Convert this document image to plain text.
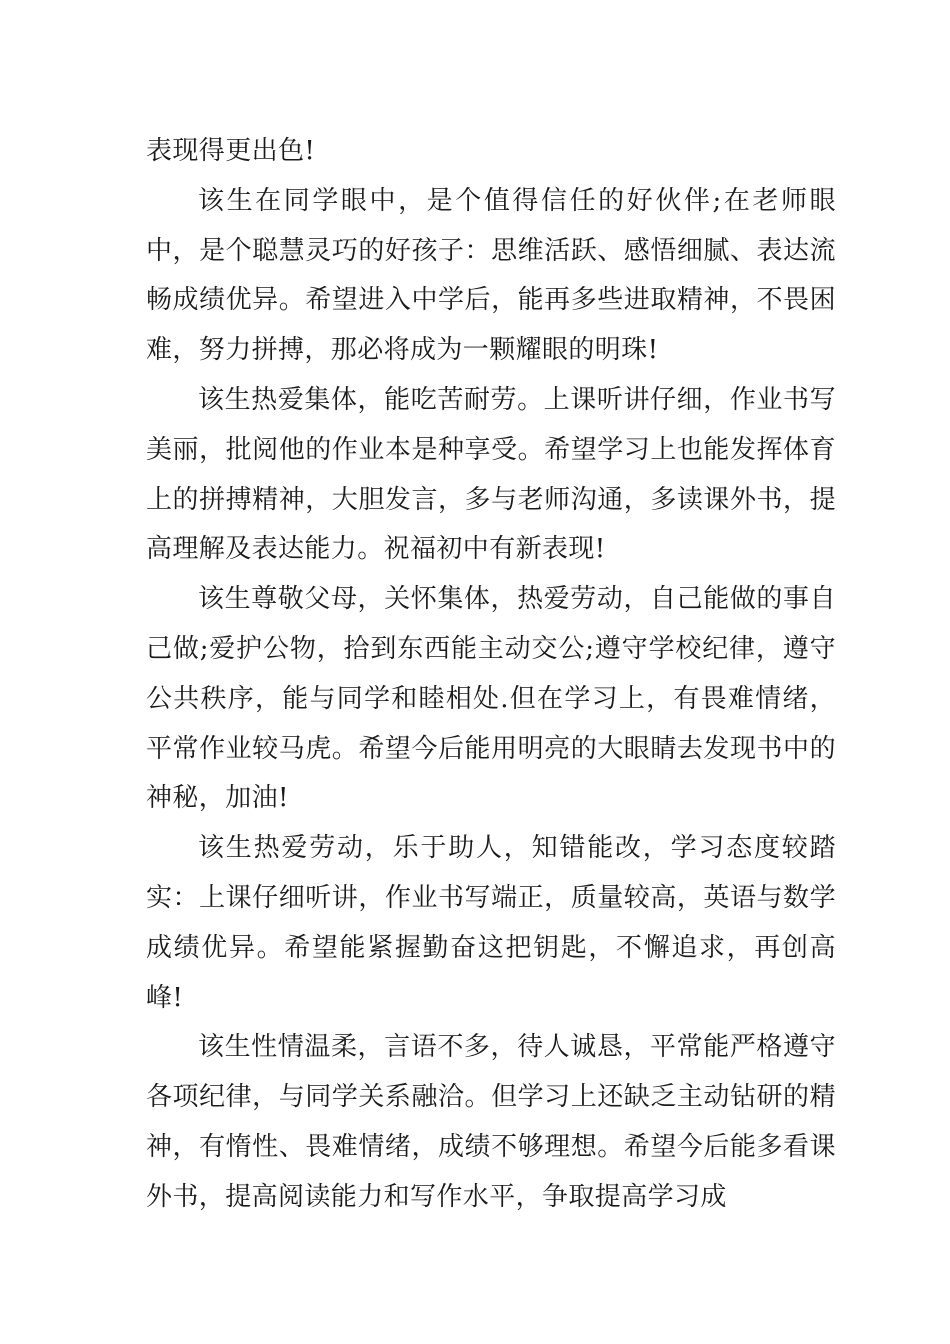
表现得更出色!

该生在同学眼中，是个值得信任的好伙伴;在老师眼中，是个聪慧灵巧的好孩子：思维活跃、感悟细腻、表达流畅成绩优异。希望进入中学后，能再多些进取精神，不畏困难，努力拼搏，那必将成为一颗耀眼的明珠!

该生热爱集体，能吃苦耐劳。上课听讲仔细，作业书写美丽，批阅他的作业本是种享受。希望学习上也能发挥体育上的拼搏精神，大胆发言，多与老师沟通，多读课外书，提高理解及表达能力。祝福初中有新表现!

该生尊敬父母，关怀集体，热爱劳动，自己能做的事自己做;爱护公物，拾到东西能主动交公;遵守学校纪律，遵守公共秩序，能与同学和睦相处.但在学习上，有畏难情绪，平常作业较马虎。希望今后能用明亮的大眼睛去发现书中的神秘，加油!

该生热爱劳动，乐于助人，知错能改，学习态度较踏实：上课仔细听讲，作业书写端正，质量较高，英语与数学成绩优异。希望能紧握勤奋这把钥匙，不懈追求，再创高峰!

该生性情温柔，言语不多，待人诚恳，平常能严格遵守各项纪律，与同学关系融洽。但学习上还缺乏主动钻研的精神，有惰性、畏难情绪，成绩不够理想。希望今后能多看课外书，提高阅读能力和写作水平，争取提高学习成
